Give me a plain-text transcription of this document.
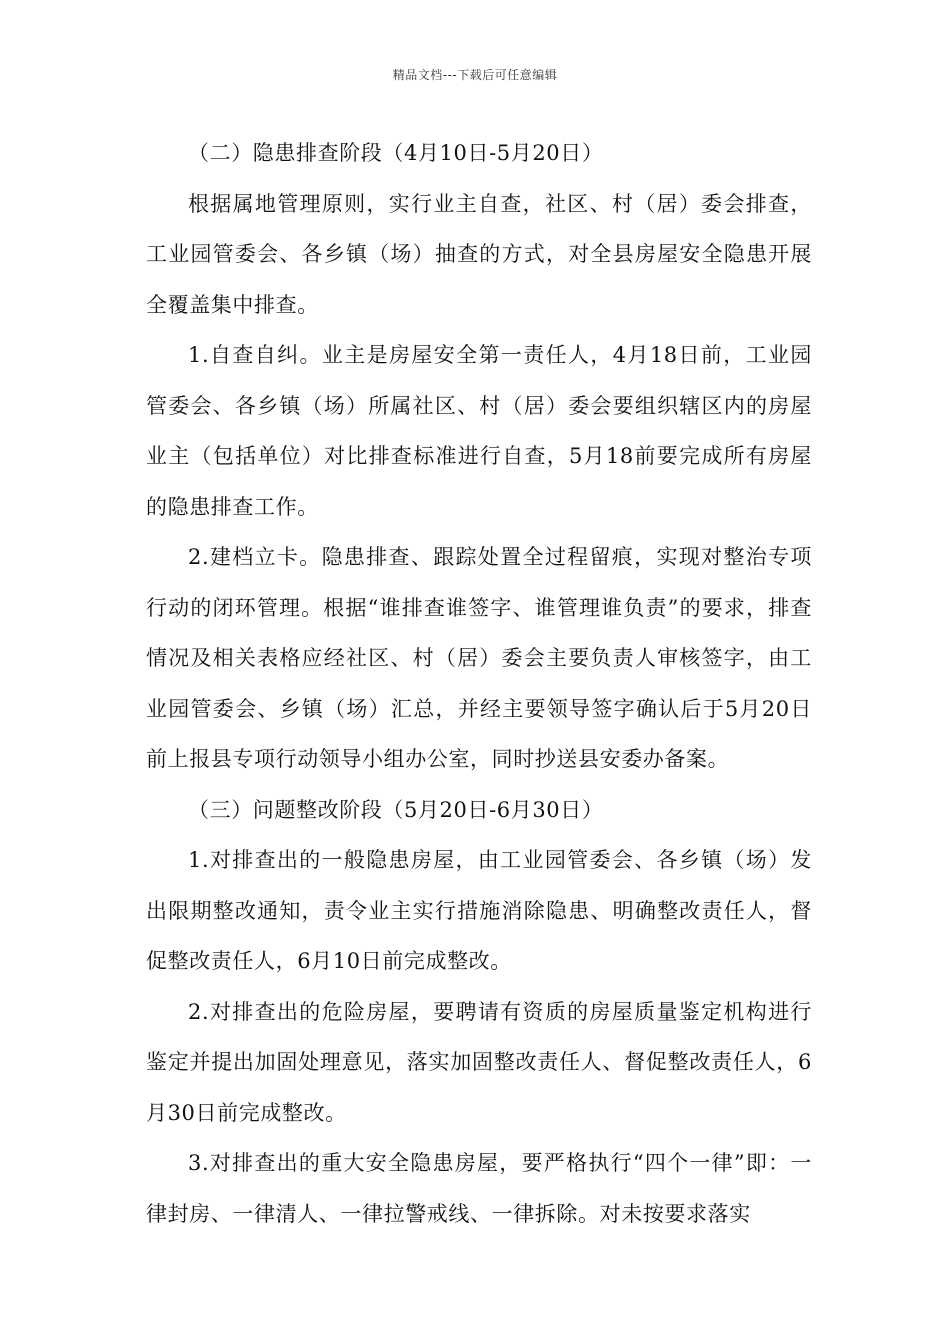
精品文档---下载后可任意编辑

（二）隐患排查阶段（4月10日-5月20日）

根据属地管理原则，实行业主自查，社区、村（居）委会排查，工业园管委会、各乡镇（场）抽查的方式，对全县房屋安全隐患开展全覆盖集中排查。

1.自查自纠。业主是房屋安全第一责任人，4月18日前，工业园管委会、各乡镇（场）所属社区、村（居）委会要组织辖区内的房屋业主（包括单位）对比排查标准进行自查，5月18前要完成所有房屋的隐患排查工作。

2.建档立卡。隐患排查、跟踪处置全过程留痕，实现对整治专项行动的闭环管理。根据“谁排查谁签字、谁管理谁负责”的要求，排查情况及相关表格应经社区、村（居）委会主要负责人审核签字，由工业园管委会、乡镇（场）汇总，并经主要领导签字确认后于5月20日前上报县专项行动领导小组办公室，同时抄送县安委办备案。

（三）问题整改阶段（5月20日-6月30日）

1.对排查出的一般隐患房屋，由工业园管委会、各乡镇（场）发出限期整改通知，责令业主实行措施消除隐患、明确整改责任人，督促整改责任人，6月10日前完成整改。

2.对排查出的危险房屋，要聘请有资质的房屋质量鉴定机构进行鉴定并提出加固处理意见，落实加固整改责任人、督促整改责任人，6月30日前完成整改。

3.对排查出的重大安全隐患房屋，要严格执行“四个一律”即：一律封房、一律清人、一律拉警戒线、一律拆除。对未按要求落实
